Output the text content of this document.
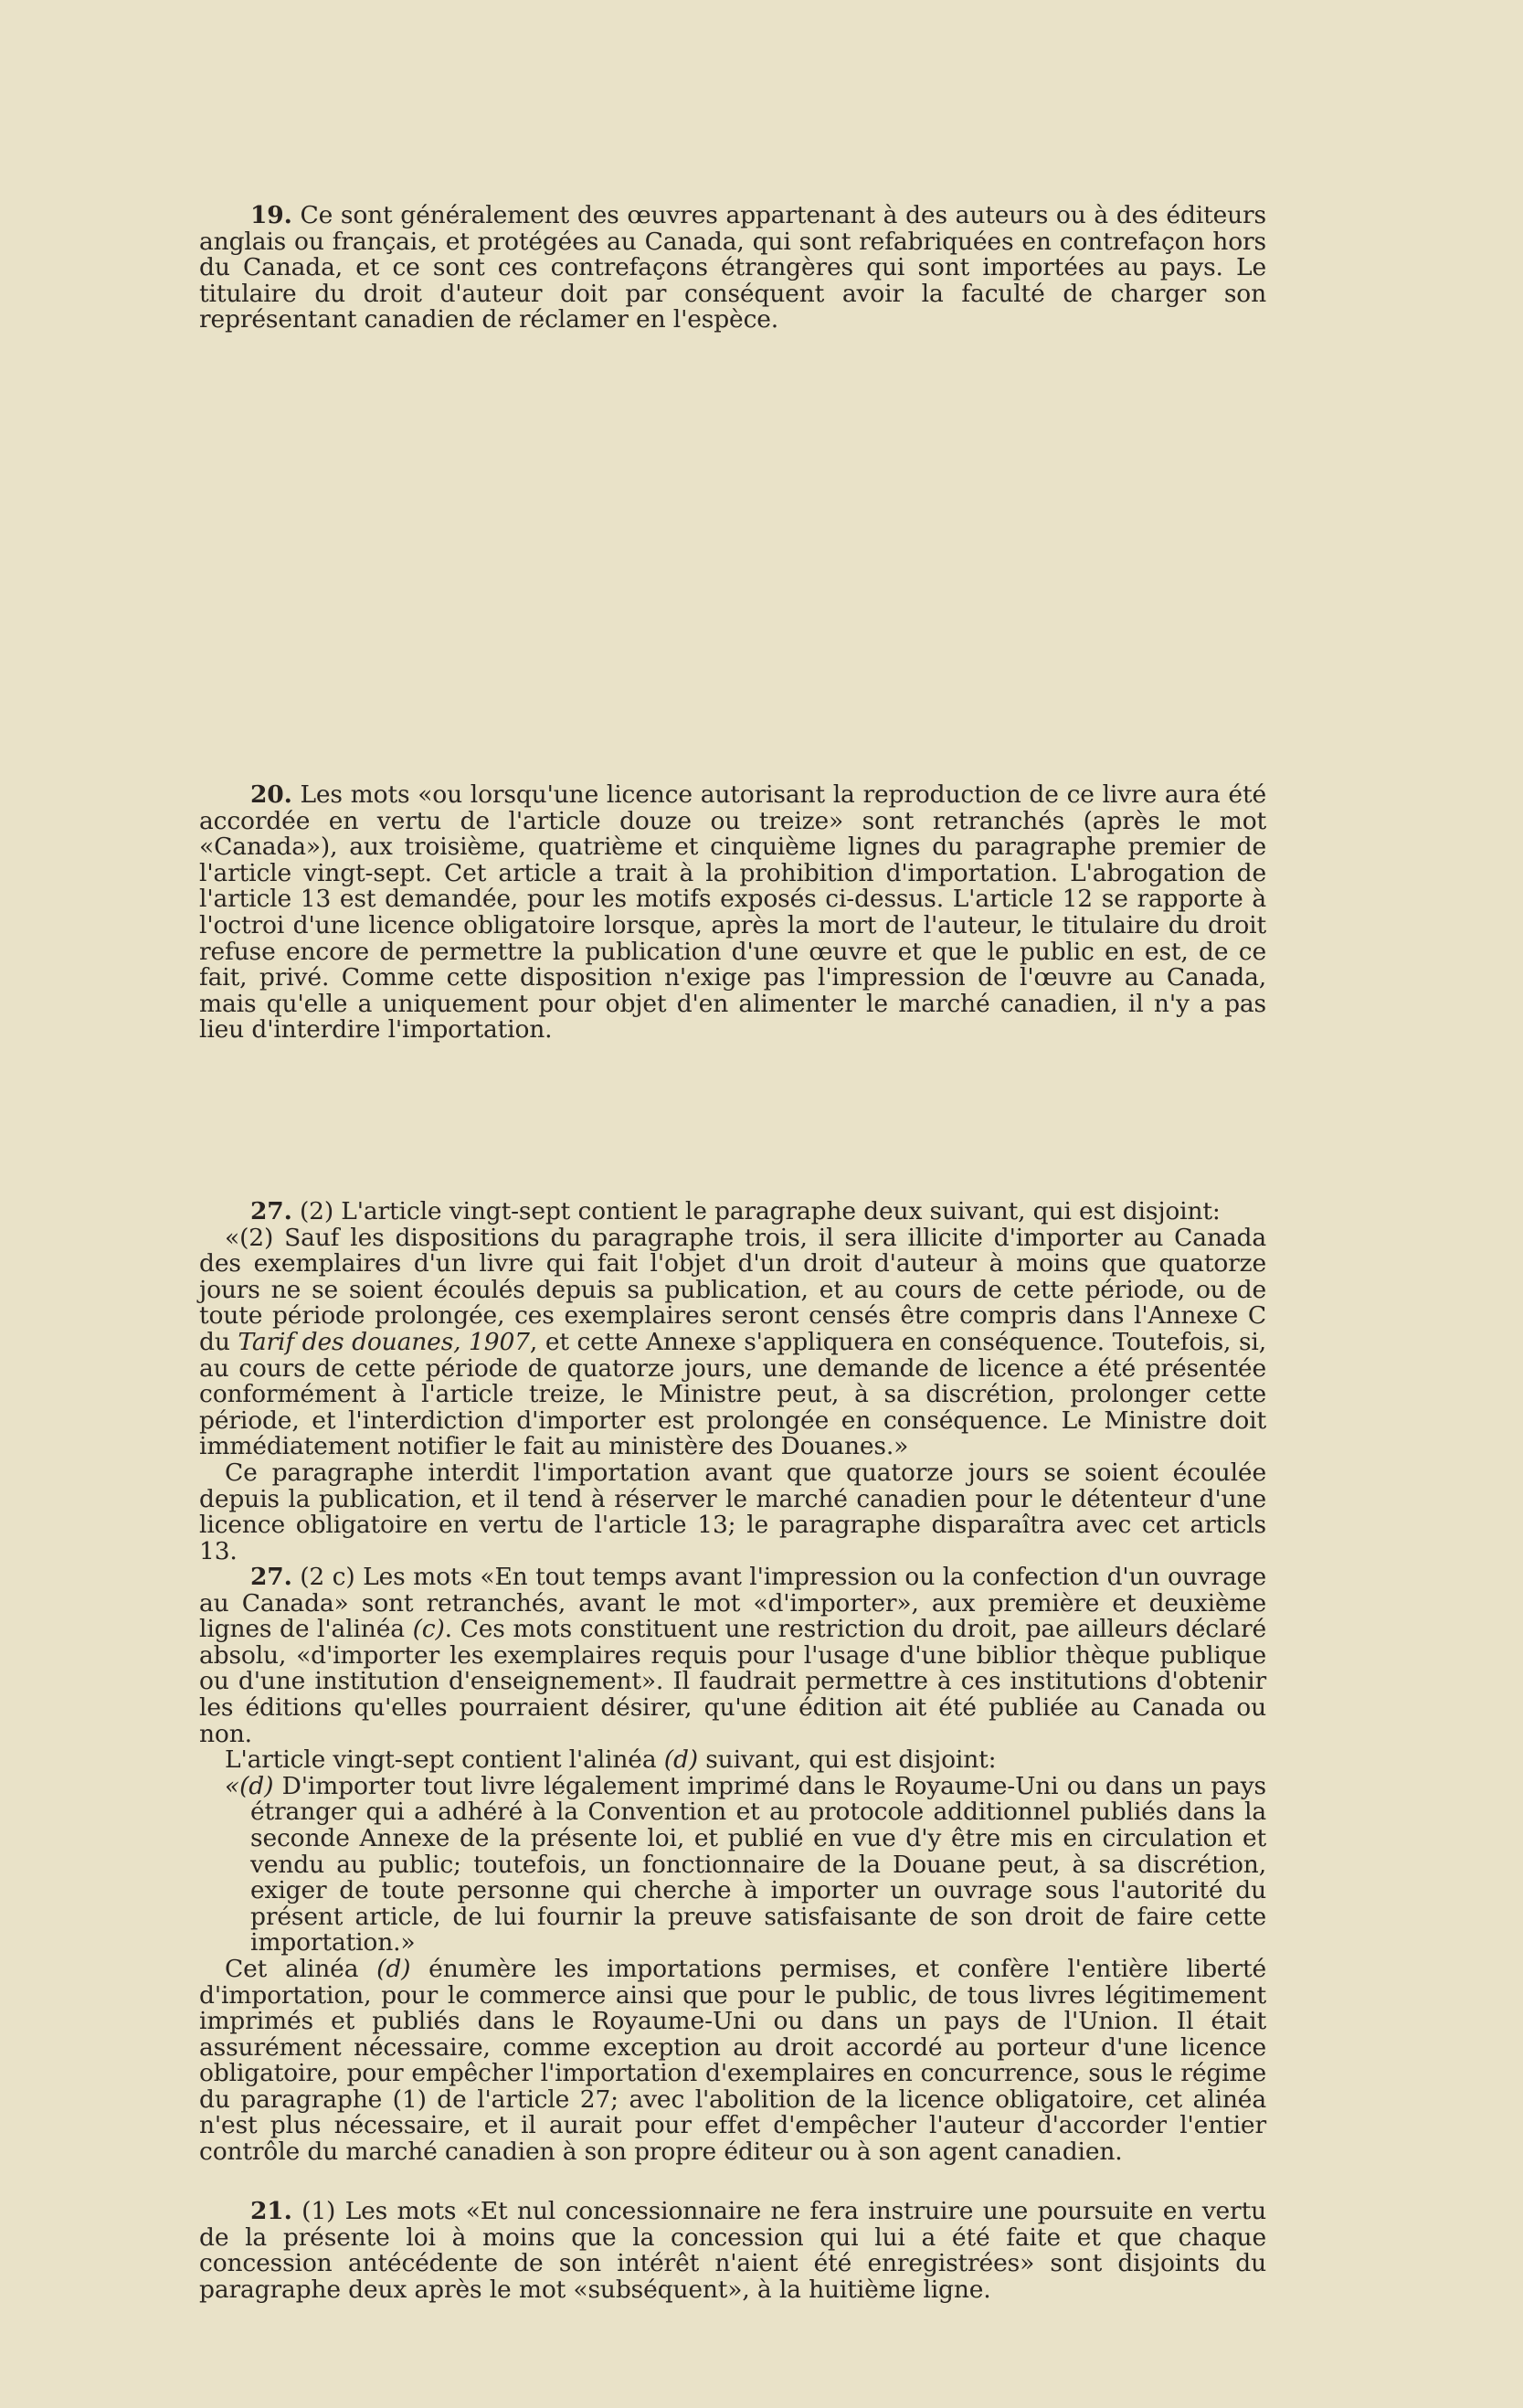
19. Ce sont généralement des œuvres appartenant à des auteurs ou à des éditeurs anglais ou français, et protégées au Canada, qui sont refabriquées en contrefaçon hors du Canada, et ce sont ces contrefaçons étrangères qui sont importées au pays. Le titulaire du droit d'auteur doit par conséquent avoir la faculté de charger son représentant canadien de réclamer en l'espèce.

20. Les mots «ou lorsqu'une licence autorisant la reproduction de ce livre aura été accordée en vertu de l'article douze ou treize» sont retranchés (après le mot «Canada»), aux troisième, quatrième et cinquième lignes du paragraphe premier de l'article vingt-sept. Cet article a trait à la prohibition d'importation. L'abrogation de l'article 13 est demandée, pour les motifs exposés ci-dessus. L'article 12 se rapporte à l'octroi d'une licence obligatoire lorsque, après la mort de l'auteur, le titulaire du droit refuse encore de permettre la publication d'une œuvre et que le public en est, de ce fait, privé. Comme cette disposition n'exige pas l'impression de l'œuvre au Canada, mais qu'elle a uniquement pour objet d'en alimenter le marché canadien, il n'y a pas lieu d'interdire l'importation.

27. (2) L'article vingt-sept contient le paragraphe deux suivant, qui est disjoint:

«(2) Sauf les dispositions du paragraphe trois, il sera illicite d'importer au Canada des exemplaires d'un livre qui fait l'objet d'un droit d'auteur à moins que quatorze jours ne se soient écoulés depuis sa publication, et au cours de cette période, ou de toute période prolongée, ces exemplaires seront censés être compris dans l'Annexe C du Tarif des douanes, 1907, et cette Annexe s'appliquera en conséquence. Toutefois, si, au cours de cette période de quatorze jours, une demande de licence a été présentée conformément à l'article treize, le Ministre peut, à sa discrétion, prolonger cette période, et l'interdiction d'importer est prolongée en conséquence. Le Ministre doit immédiatement notifier le fait au ministère des Douanes.»

Ce paragraphe interdit l'importation avant que quatorze jours se soient écoulée depuis la publication, et il tend à réserver le marché canadien pour le détenteur d'une licence obligatoire en vertu de l'article 13; le paragraphe disparaîtra avec cet articls 13.

27. (2 c) Les mots «En tout temps avant l'impression ou la confection d'un ouvrage au Canada» sont retranchés, avant le mot «d'importer», aux première et deuxième lignes de l'alinéa (c). Ces mots constituent une restriction du droit, pae ailleurs déclaré absolu, «d'importer les exemplaires requis pour l'usage d'une biblior thèque publique ou d'une institution d'enseignement». Il faudrait permettre à ces institutions d'obtenir les éditions qu'elles pourraient désirer, qu'une édition ait été publiée au Canada ou non.

L'article vingt-sept contient l'alinéa (d) suivant, qui est disjoint:

«(d) D'importer tout livre légalement imprimé dans le Royaume-Uni ou dans un pays étranger qui a adhéré à la Convention et au protocole additionnel publiés dans la seconde Annexe de la présente loi, et publié en vue d'y être mis en circulation et vendu au public; toutefois, un fonctionnaire de la Douane peut, à sa discrétion, exiger de toute personne qui cherche à importer un ouvrage sous l'autorité du présent article, de lui fournir la preuve satisfaisante de son droit de faire cette importation.»

Cet alinéa (d) énumère les importations permises, et confère l'entière liberté d'importation, pour le commerce ainsi que pour le public, de tous livres légitimement imprimés et publiés dans le Royaume-Uni ou dans un pays de l'Union. Il était assurément nécessaire, comme exception au droit accordé au porteur d'une licence obligatoire, pour empêcher l'importation d'exemplaires en concurrence, sous le régime du paragraphe (1) de l'article 27; avec l'abolition de la licence obligatoire, cet alinéa n'est plus nécessaire, et il aurait pour effet d'empêcher l'auteur d'accorder l'entier contrôle du marché canadien à son propre éditeur ou à son agent canadien.

21. (1) Les mots «Et nul concessionnaire ne fera instruire une poursuite en vertu de la présente loi à moins que la concession qui lui a été faite et que chaque concession antécédente de son intérêt n'aient été enregistrées» sont disjoints du paragraphe deux après le mot «subséquent», à la huitième ligne.
